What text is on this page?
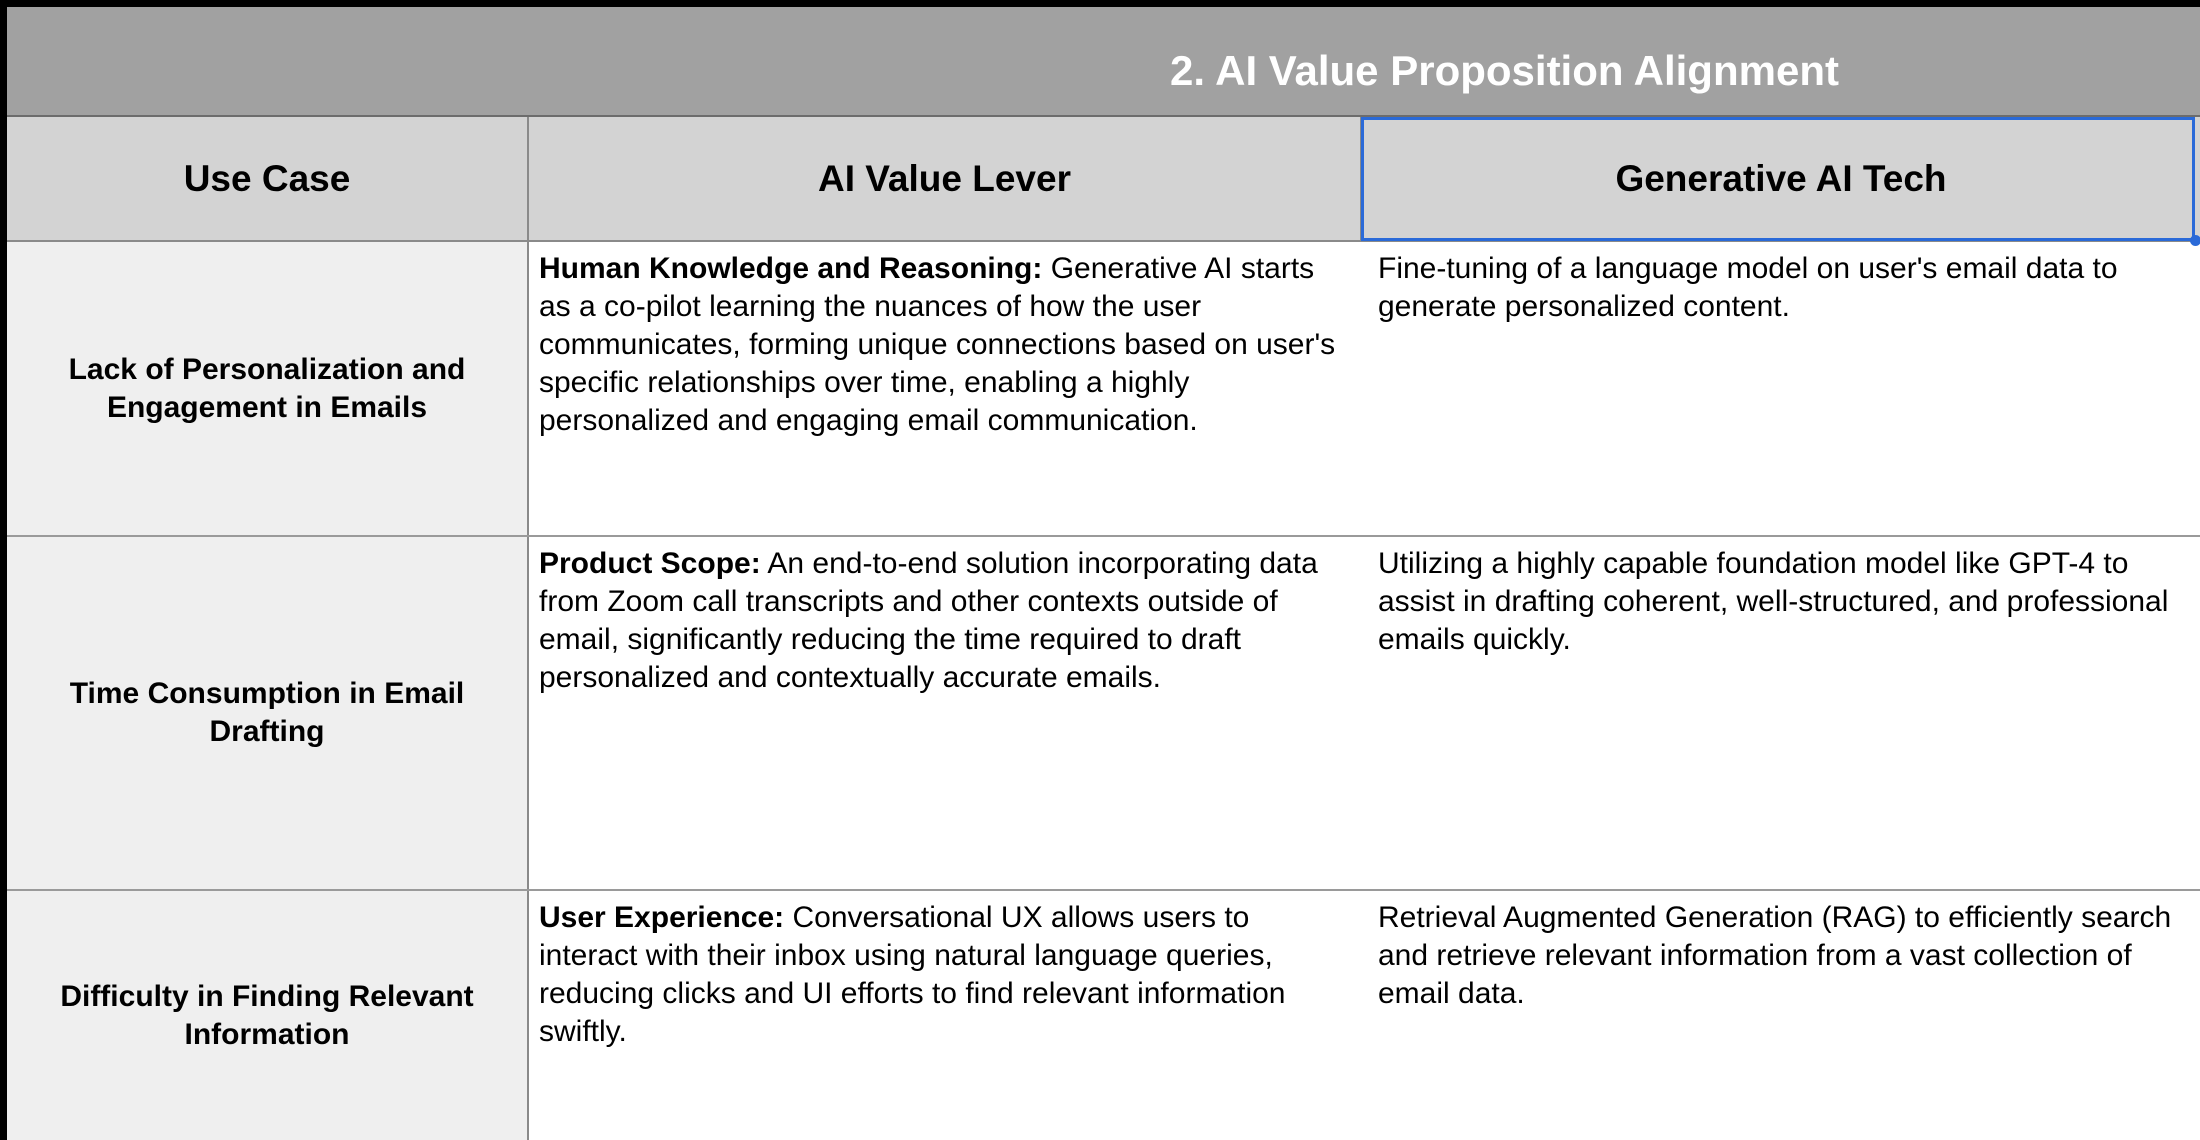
2. AI Value Proposition Alignment
Use Case	AI Value Lever	Generative AI Tech
Lack of Personalization and Engagement in Emails
Human Knowledge and Reasoning: Generative AI starts as a co-pilot learning the nuances of how the user communicates, forming unique connections based on user's specific relationships over time, enabling a highly personalized and engaging email communication.
Fine-tuning of a language model on user's email data to generate personalized content.
Time Consumption in Email Drafting
Product Scope: An end-to-end solution incorporating data from Zoom call transcripts and other contexts outside of email, significantly reducing the time required to draft personalized and contextually accurate emails.
Utilizing a highly capable foundation model like GPT-4 to assist in drafting coherent, well-structured, and professional emails quickly.
Difficulty in Finding Relevant Information
User Experience: Conversational UX allows users to interact with their inbox using natural language queries, reducing clicks and UI efforts to find relevant information swiftly.
Retrieval Augmented Generation (RAG) to efficiently search and retrieve relevant information from a vast collection of email data.
